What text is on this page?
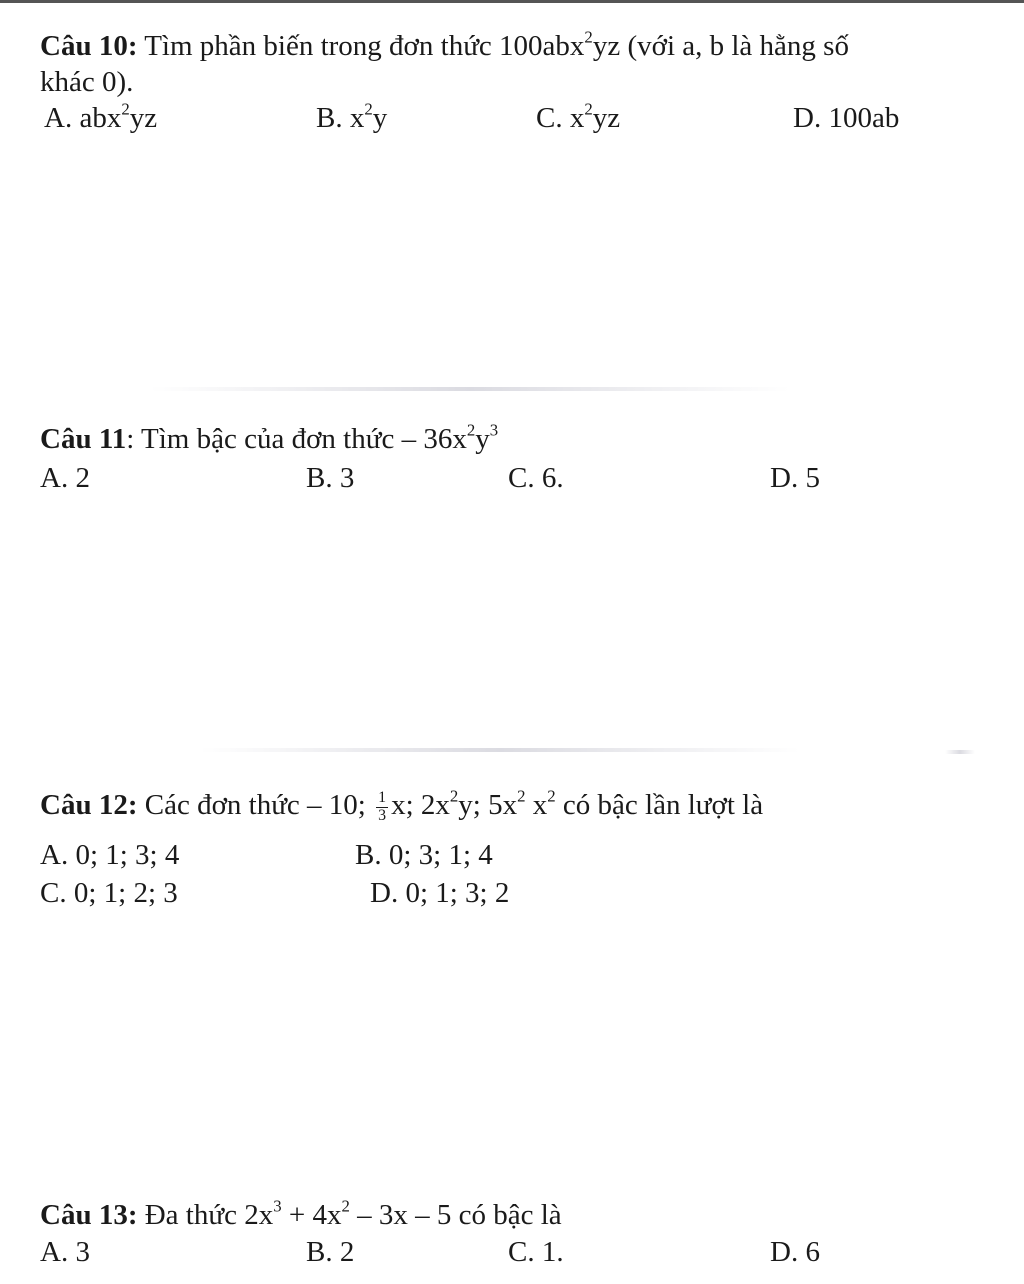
Câu 10: Tìm phần biến trong đơn thức 100abx$^2$yz (với a, b là hằng số
khác 0).
A. abx$^2$yz	B. $x^2y$	C. $x^2yz$	D. 100ab
Câu 11: Tìm bậc của đơn thức – $36x^2y^3$
A. 2	B. 3	C. 6.	D. 5
Câu 12: Các đơn thức – 10; $\frac{1}{3} x$; $2x^2y$; $5x^2$ $x^2$ có bậc lần lượt là
A. 0; 1; 3; 4	B. 0; 3; 1; 4
C. 0; 1; 2; 3	D. 0; 1; 3; 2
Câu 13: Đa thức $2x^3 + 4x^2 - 3x - 5$ có bậc là
A. 3	B. 2	C. 1.	D. 6
